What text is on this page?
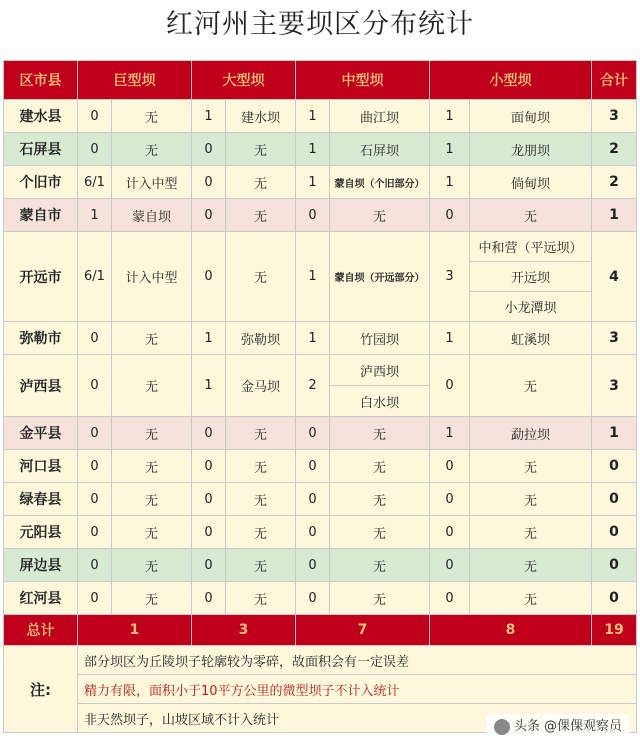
红河州主要坝区分布统计
区市县	巨型坝		大型坝		中型坝		小型坝		合计
建水县	0	无	1	建水坝	1	曲江坝	1	面甸坝	3
石屏县	0	无	0	无	1	石屏坝	1	龙朋坝	2
个旧市	6/1	计入中型	0	无	1	蒙自坝（个旧部分）	1	倘甸坝	2
蒙自市	1	蒙自坝	0	无	0	无	0	无	1
开远市	6/1	计入中型	0	无	1	蒙自坝（开远部分）	3	中和营（平远坝）	4
								开远坝	
								小龙潭坝	
弥勒市	0	无	1	弥勒坝	1	竹园坝	1	虹溪坝	3
泸西县	0	无	1	金马坝	2	泸西坝	0	无	3
						白水坝			
金平县	0	无	0	无	0	无	1	勐拉坝	1
河口县	0	无	0	无	0	无	0	无	0
绿春县	0	无	0	无	0	无	0	无	0
元阳县	0	无	0	无	0	无	0	无	0
屏边县	0	无	0	无	0	无	0	无	0
红河县	0	无	0	无	0	无	0	无	0
总计	1		3		7		8		19
注:	部分坝区为丘陵坝子轮廓较为零碎，故面积会有一定误差								
	精力有限，面积小于10平方公里的微型坝子不计入统计								
	非天然坝子，山坡区域不计入统计									头条 @倮倮观察员
